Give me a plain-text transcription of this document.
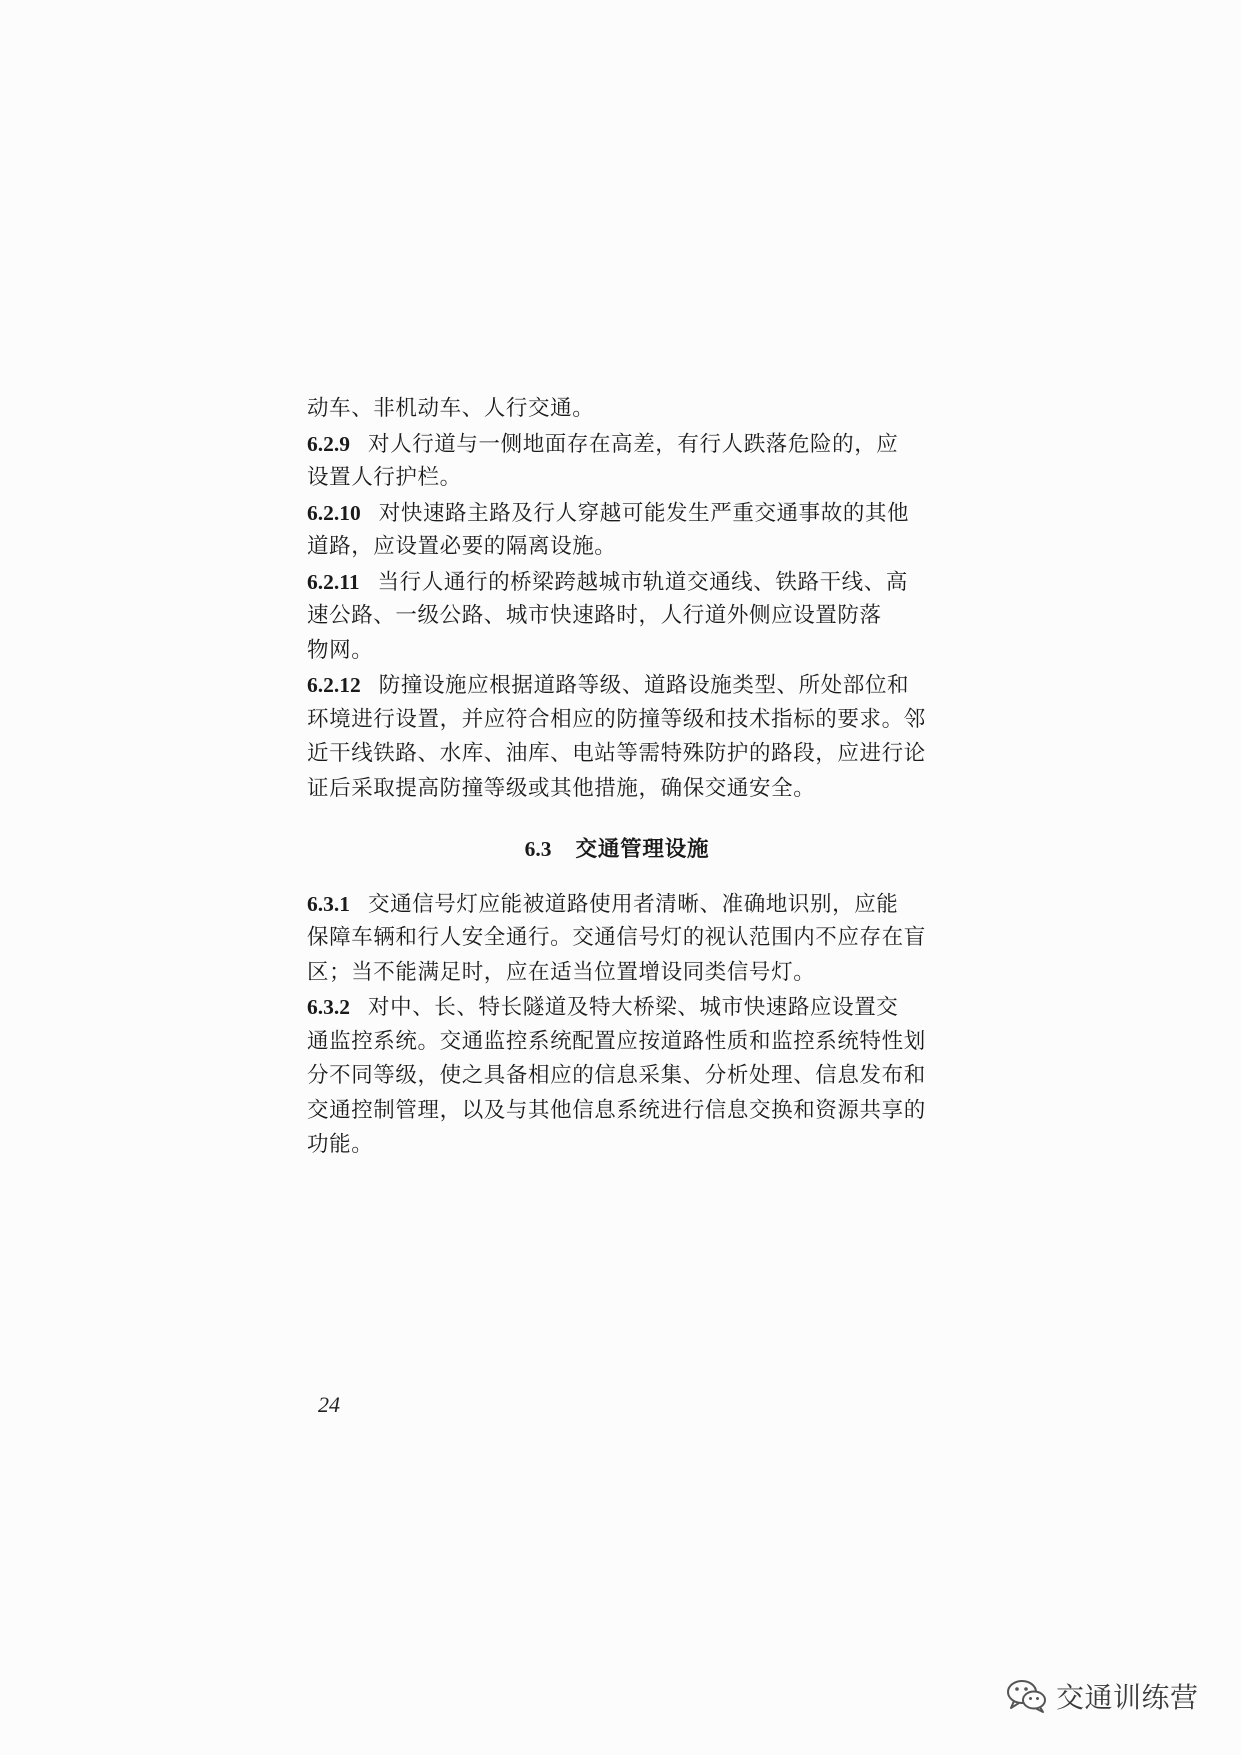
动车、非机动车、人行交通。
6.2.9 对人行道与一侧地面存在高差，有行人跌落危险的，应
设置人行护栏。
6.2.10 对快速路主路及行人穿越可能发生严重交通事故的其他
道路，应设置必要的隔离设施。
6.2.11 当行人通行的桥梁跨越城市轨道交通线、铁路干线、高
速公路、一级公路、城市快速路时，人行道外侧应设置防落
物网。
6.2.12 防撞设施应根据道路等级、道路设施类型、所处部位和
环境进行设置，并应符合相应的防撞等级和技术指标的要求。邻
近干线铁路、水库、油库、电站等需特殊防护的路段，应进行论
证后采取提高防撞等级或其他措施，确保交通安全。
6.3 交通管理设施
6.3.1 交通信号灯应能被道路使用者清晰、准确地识别，应能
保障车辆和行人安全通行。交通信号灯的视认范围内不应存在盲
区；当不能满足时，应在适当位置增设同类信号灯。
6.3.2 对中、长、特长隧道及特大桥梁、城市快速路应设置交
通监控系统。交通监控系统配置应按道路性质和监控系统特性划
分不同等级，使之具备相应的信息采集、分析处理、信息发布和
交通控制管理，以及与其他信息系统进行信息交换和资源共享的
功能。
24
交通训练营
